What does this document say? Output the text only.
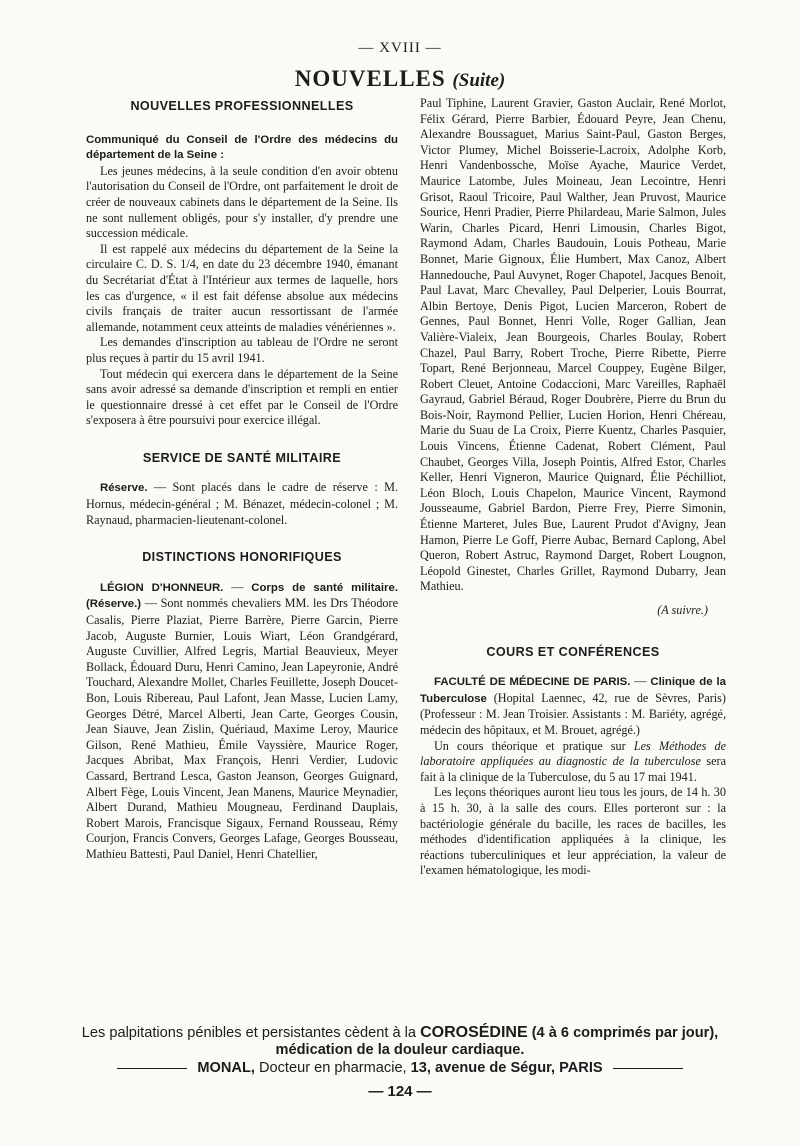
— XVIII —
NOUVELLES (Suite)
NOUVELLES PROFESSIONNELLES

Communiqué du Conseil de l'Ordre des médecins du département de la Seine :

Les jeunes médecins, à la seule condition d'en avoir obtenu l'autorisation du Conseil de l'Ordre, ont parfaitement le droit de créer de nouveaux cabinets dans le département de la Seine. Ils ne sont nullement obligés, pour s'y installer, d'y prendre une succession médicale.

Il est rappelé aux médecins du département de la Seine la circulaire C. D. S. 1/4, en date du 23 décembre 1940, émanant du Secrétariat d'État à l'Intérieur aux termes de laquelle, hors les cas d'urgence, « il est fait défense absolue aux médecins civils français de traiter aucun ressortissant de l'armée allemande, notamment ceux atteints de maladies vénériennes ».

Les demandes d'inscription au tableau de l'Ordre ne seront plus reçues à partir du 15 avril 1941.

Tout médecin qui exercera dans le département de la Seine sans avoir adressé sa demande d'inscription et rempli en entier le questionnaire dressé à cet effet par le Conseil de l'Ordre s'exposera à être poursuivi pour exercice illégal.

SERVICE DE SANTÉ MILITAIRE

Réserve. — Sont placés dans le cadre de réserve : M. Hornus, médecin-général ; M. Bénazet, médecin-colonel ; M. Raynaud, pharmacien-lieutenant-colonel.

DISTINCTIONS HONORIFIQUES

LÉGION D'HONNEUR. — Corps de santé militaire. (Réserve.) — Sont nommés chevaliers MM. les Drs Théodore Casalis, Pierre Plaziat, Pierre Barrère, Pierre Garcin, Pierre Jacob, Auguste Burnier, Louis Wiart, Léon Grandgérard, Auguste Cuvillier, Alfred Legris, Martial Beauvieux, Meyer Bollack, Édouard Duru, Henri Camino, Jean Lapeyronie, André Touchard, Alexandre Mollet, Charles Feuillette, Joseph Doucet-Bon, Louis Ribereau, Paul Lafont, Jean Masse, Lucien Lamy, Georges Détré, Marcel Alberti, Jean Carte, Georges Cousin, Jean Siauve, Jean Zislin, Quériaud, Maxime Leroy, Maurice Gilson, René Mathieu, Émile Vayssière, Maurice Roger, Jacques Abribat, Max François, Henri Verdier, Ludovic Cassard, Bertrand Lesca, Gaston Jeanson, Georges Guignard, Albert Fège, Louis Vincent, Jean Manens, Maurice Meynadier, Albert Durand, Mathieu Mougneau, Ferdinand Dauplais, Robert Marois, Francisque Sigaux, Fernand Rousseau, Rémy Courjon, Francis Convers, Georges Lafage, Georges Bousseau, Mathieu Battesti, Paul Daniel, Henri Chatellier,

Paul Tiphine, Laurent Gravier, Gaston Auclair, René Morlot, Félix Gérard, Pierre Barbier, Édouard Peyre, Jean Chenu, Alexandre Boussaguet, Marius Saint-Paul, Gaston Berges, Victor Plumey, Michel Boisserie-Lacroix, Adolphe Korb, Henri Vandenbossche, Moïse Ayache, Maurice Verdet, Maurice Latombe, Jules Moineau, Jean Lecointre, Henri Grisot, Raoul Tricoire, Paul Walther, Jean Pruvost, Maurice Sourice, Henri Pradier, Pierre Philardeau, Marie Salmon, Jules Warin, Charles Picard, Henri Limousin, Charles Bigot, Raymond Adam, Charles Baudouin, Louis Potheau, Marie Bonnet, Marie Gignoux, Élie Humbert, Max Canoz, Albert Hannedouche, Paul Auvynet, Roger Chapotel, Jacques Benoit, Paul Lavat, Marc Chevalley, Paul Delperier, Louis Bourrat, Albin Bertoye, Denis Pigot, Lucien Marceron, Robert de Gennes, Paul Bonnet, Henri Volle, Roger Gallian, Jean Valière-Vialeix, Jean Bourgeois, Charles Boulay, Robert Chazel, Paul Barry, Robert Troche, Pierre Ribette, Pierre Topart, René Berjonneau, Marcel Couppey, Eugène Bilger, Robert Cleuet, Antoine Codaccioni, Marc Vareilles, Raphaël Gayraud, Gabriel Béraud, Roger Doubrère, Pierre du Brun du Bois-Noir, Raymond Pellier, Lucien Horion, Henri Chéreau, Marie du Suau de La Croix, Pierre Kuentz, Charles Pasquier, Louis Vincens, Étienne Cadenat, Robert Clément, Paul Chaubet, Georges Villa, Joseph Pointis, Alfred Estor, Charles Keller, Henri Vigneron, Maurice Quignard, Élie Péchilliot, Léon Bloch, Louis Chapelon, Maurice Vincent, Raymond Jousseaume, Gabriel Bardon, Pierre Frey, Pierre Simonin, Étienne Marteret, Jules Bue, Laurent Prudot d'Avigny, Jean Hamon, Pierre Le Goff, Pierre Aubac, Bernard Caplong, Abel Queron, Robert Astruc, Raymond Darget, Robert Lougnon, Léopold Ginestet, Charles Grillet, Raymond Dubarry, Jean Mathieu.

(A suivre.)
COURS ET CONFÉRENCES

FACULTÉ DE MÉDECINE DE PARIS. — Clinique de la Tuberculose (Hopital Laennec, 42, rue de Sèvres, Paris) (Professeur : M. Jean Troisier. Assistants : M. Bariéty, agrégé, médecin des hôpitaux, et M. Brouet, agrégé.)

Un cours théorique et pratique sur Les Méthodes de laboratoire appliquées au diagnostic de la tuberculose sera fait à la clinique de la Tuberculose, du 5 au 17 mai 1941.

Les leçons théoriques auront lieu tous les jours, de 14 h. 30 à 15 h. 30, à la salle des cours. Elles porteront sur : la bactériologie générale du bacille, les races de bacilles, les méthodes d'identification appliquées à la clinique, les réactions tuberculiniques et leur appréciation, la valeur de l'examen hématologique, les modi-

Les palpitations pénibles et persistantes cèdent à la COROSÉDINE (4 à 6 comprimés par jour),
médication de la douleur cardiaque.
MONAL, Docteur en pharmacie, 13, avenue de Ségur, PARIS
— 124 —
